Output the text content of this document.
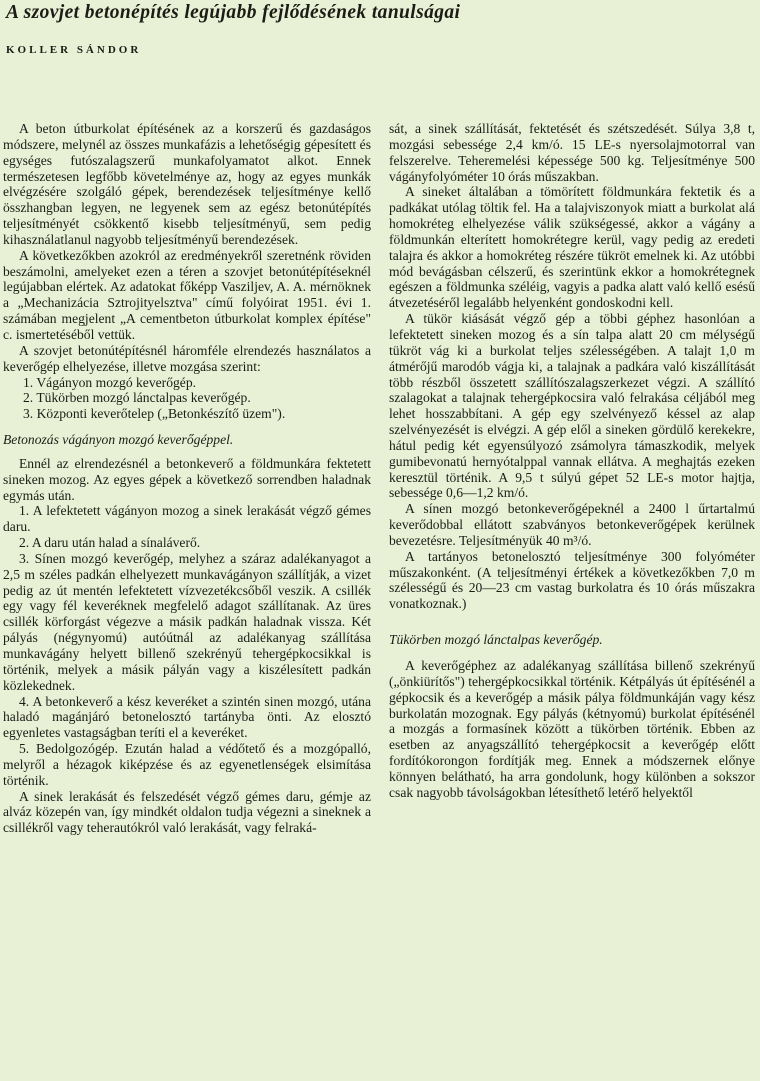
A szovjet betonépítés legújabb fejlődésének tanulságai
KOLLER SÁNDOR

A beton útburkolat építésének az a korszerű és gazdaságos módszere, melynél az összes munkafázis a lehetőségig gépesített és egységes futószalagszerű munkafolyamatot alkot. Ennek természetesen legfőbb követelménye az, hogy az egyes munkák elvégzésére szolgáló gépek, berendezések teljesítménye kellő összhangban legyen, ne legyenek sem az egész betonútépítés teljesítményét csökkentő kisebb teljesítményű, sem pedig kihasználatlanul nagyobb teljesítményű berendezések.

A következőkben azokról az eredményekről szeretnénk röviden beszámolni, amelyeket ezen a téren a szovjet betonútépítéseknél legújabban elértek. Az adatokat főképp Vasziljev, A. A. mérnöknek a „Mechanizácia Sztrojityelsztva" című folyóirat 1951. évi 1. számában megjelent „A cementbeton útburkolat komplex építése" c. ismertetéséből vettük.

A szovjet betonútépítésnél háromféle elrendezés használatos a keverőgép elhelyezése, illetve mozgása szerint:

1. Vágányon mozgó keverőgép.

2. Tükörben mozgó lánctalpas keverőgép.

3. Központi keverőtelep („Betonkészítő üzem").

Betonozás vágányon mozgó keverőgéppel.

Ennél az elrendezésnél a betonkeverő a földmunkára fektetett sineken mozog. Az egyes gépek a következő sorrendben haladnak egymás után.

1. A lefektetett vágányon mozog a sinek lerakását végző gémes daru.

2. A daru után halad a sínaláverő.

3. Sínen mozgó keverőgép, melyhez a száraz adalékanyagot a 2,5 m széles padkán elhelyezett munkavágányon szállítják, a vizet pedig az út mentén lefektetett vízvezetékcsőből veszik. A csillék egy vagy fél keveréknek megfelelő adagot szállítanak. Az üres csillék körforgást végezve a másik padkán haladnak vissza. Két pályás (négynyomú) autóútnál az adalékanyag szállítása munkavágány helyett billenő szekrényű tehergépkocsikkal is történik, melyek a másik pályán vagy a kiszélesített padkán közlekednek.

4. A betonkeverő a kész keveréket a szintén sinen mozgó, utána haladó magánjáró betonelosztó tartányba önti. Az elosztó egyenletes vastagságban teríti el a keveréket.

5. Bedolgozógép. Ezután halad a védőtető és a mozgópalló, melyről a hézagok kiképzése és az egyenetlenségek elsimítása történik.

A sinek lerakását és felszedését végző gémes daru, gémje az alváz közepén van, így mindkét oldalon tudja végezni a sineknek a csillékről vagy teherautókról való lerakását, vagy felraká-

sát, a sinek szállítását, fektetését és szétszedését. Súlya 3,8 t, mozgási sebessége 2,4 km/ó. 15 LE-s nyersolajmotorral van felszerelve. Teheremelési képessége 500 kg. Teljesítménye 500 vágányfolyóméter 10 órás műszakban.

A sineket általában a tömörített földmunkára fektetik és a padkákat utólag töltik fel. Ha a talajviszonyok miatt a burkolat alá homokréteg elhelyezése válik szükségessé, akkor a vágány a földmunkán elterített homokrétegre kerül, vagy pedig az eredeti talajra és akkor a homokréteg részére tükröt emelnek ki. Az utóbbi mód bevágásban célszerű, és szerintünk ekkor a homokrétegnek egészen a földmunka széléig, vagyis a padka alatt való kellő esésű átvezetéséről legalább helyenként gondoskodni kell.

A tükör kiásását végző gép a többi géphez hasonlóan a lefektetett sineken mozog és a sín talpa alatt 20 cm mélységű tükröt vág ki a burkolat teljes szélességében. A talajt 1,0 m átmérőjű marodób vágja ki, a talajnak a padkára való kiszállítását több részből összetett szállítószalagszerkezet végzi. A szállító szalagokat a talajnak tehergépkocsira való felrakása céljából meg lehet hosszabbítani. A gép egy szelvényező késsel az alap szelvényezését is elvégzi. A gép elől a sineken gördülő kerekekre, hátul pedig két egyensúlyozó zsámolyra támaszkodik, melyek gumibevonatú hernyótalppal vannak ellátva. A meghajtás ezeken keresztül történik. A 9,5 t súlyú gépet 52 LE-s motor hajtja, sebessége 0,6—1,2 km/ó.

A sínen mozgó betonkeverőgépeknél a 2400 l űrtartalmú keverődobbal ellátott szabványos betonkeverőgépek kerülnek bevezetésre. Teljesítményük 40 m³/ó.

A tartányos betonelosztó teljesítménye 300 folyóméter műszakonként. (A teljesítményi értékek a következőkben 7,0 m szélességű és 20—23 cm vastag burkolatra és 10 órás műszakra vonatkoznak.)

Tükörben mozgó lánctalpas keverőgép.

A keverőgéphez az adalékanyag szállítása billenő szekrényű („önkiürítős") tehergépkocsikkal történik. Kétpályás út építésénél a gépkocsik és a keverőgép a másik pálya földmunkáján vagy kész burkolatán mozognak. Egy pályás (kétnyomú) burkolat építésénél a mozgás a formasínek között a tükörben történik. Ebben az esetben az anyagszállító tehergépkocsit a keverőgép előtt fordítókorongon fordítják meg. Ennek a módszernek előnye könnyen belátható, ha arra gondolunk, hogy különben a sokszor csak nagyobb távolságokban létesíthető letérő helyektől
